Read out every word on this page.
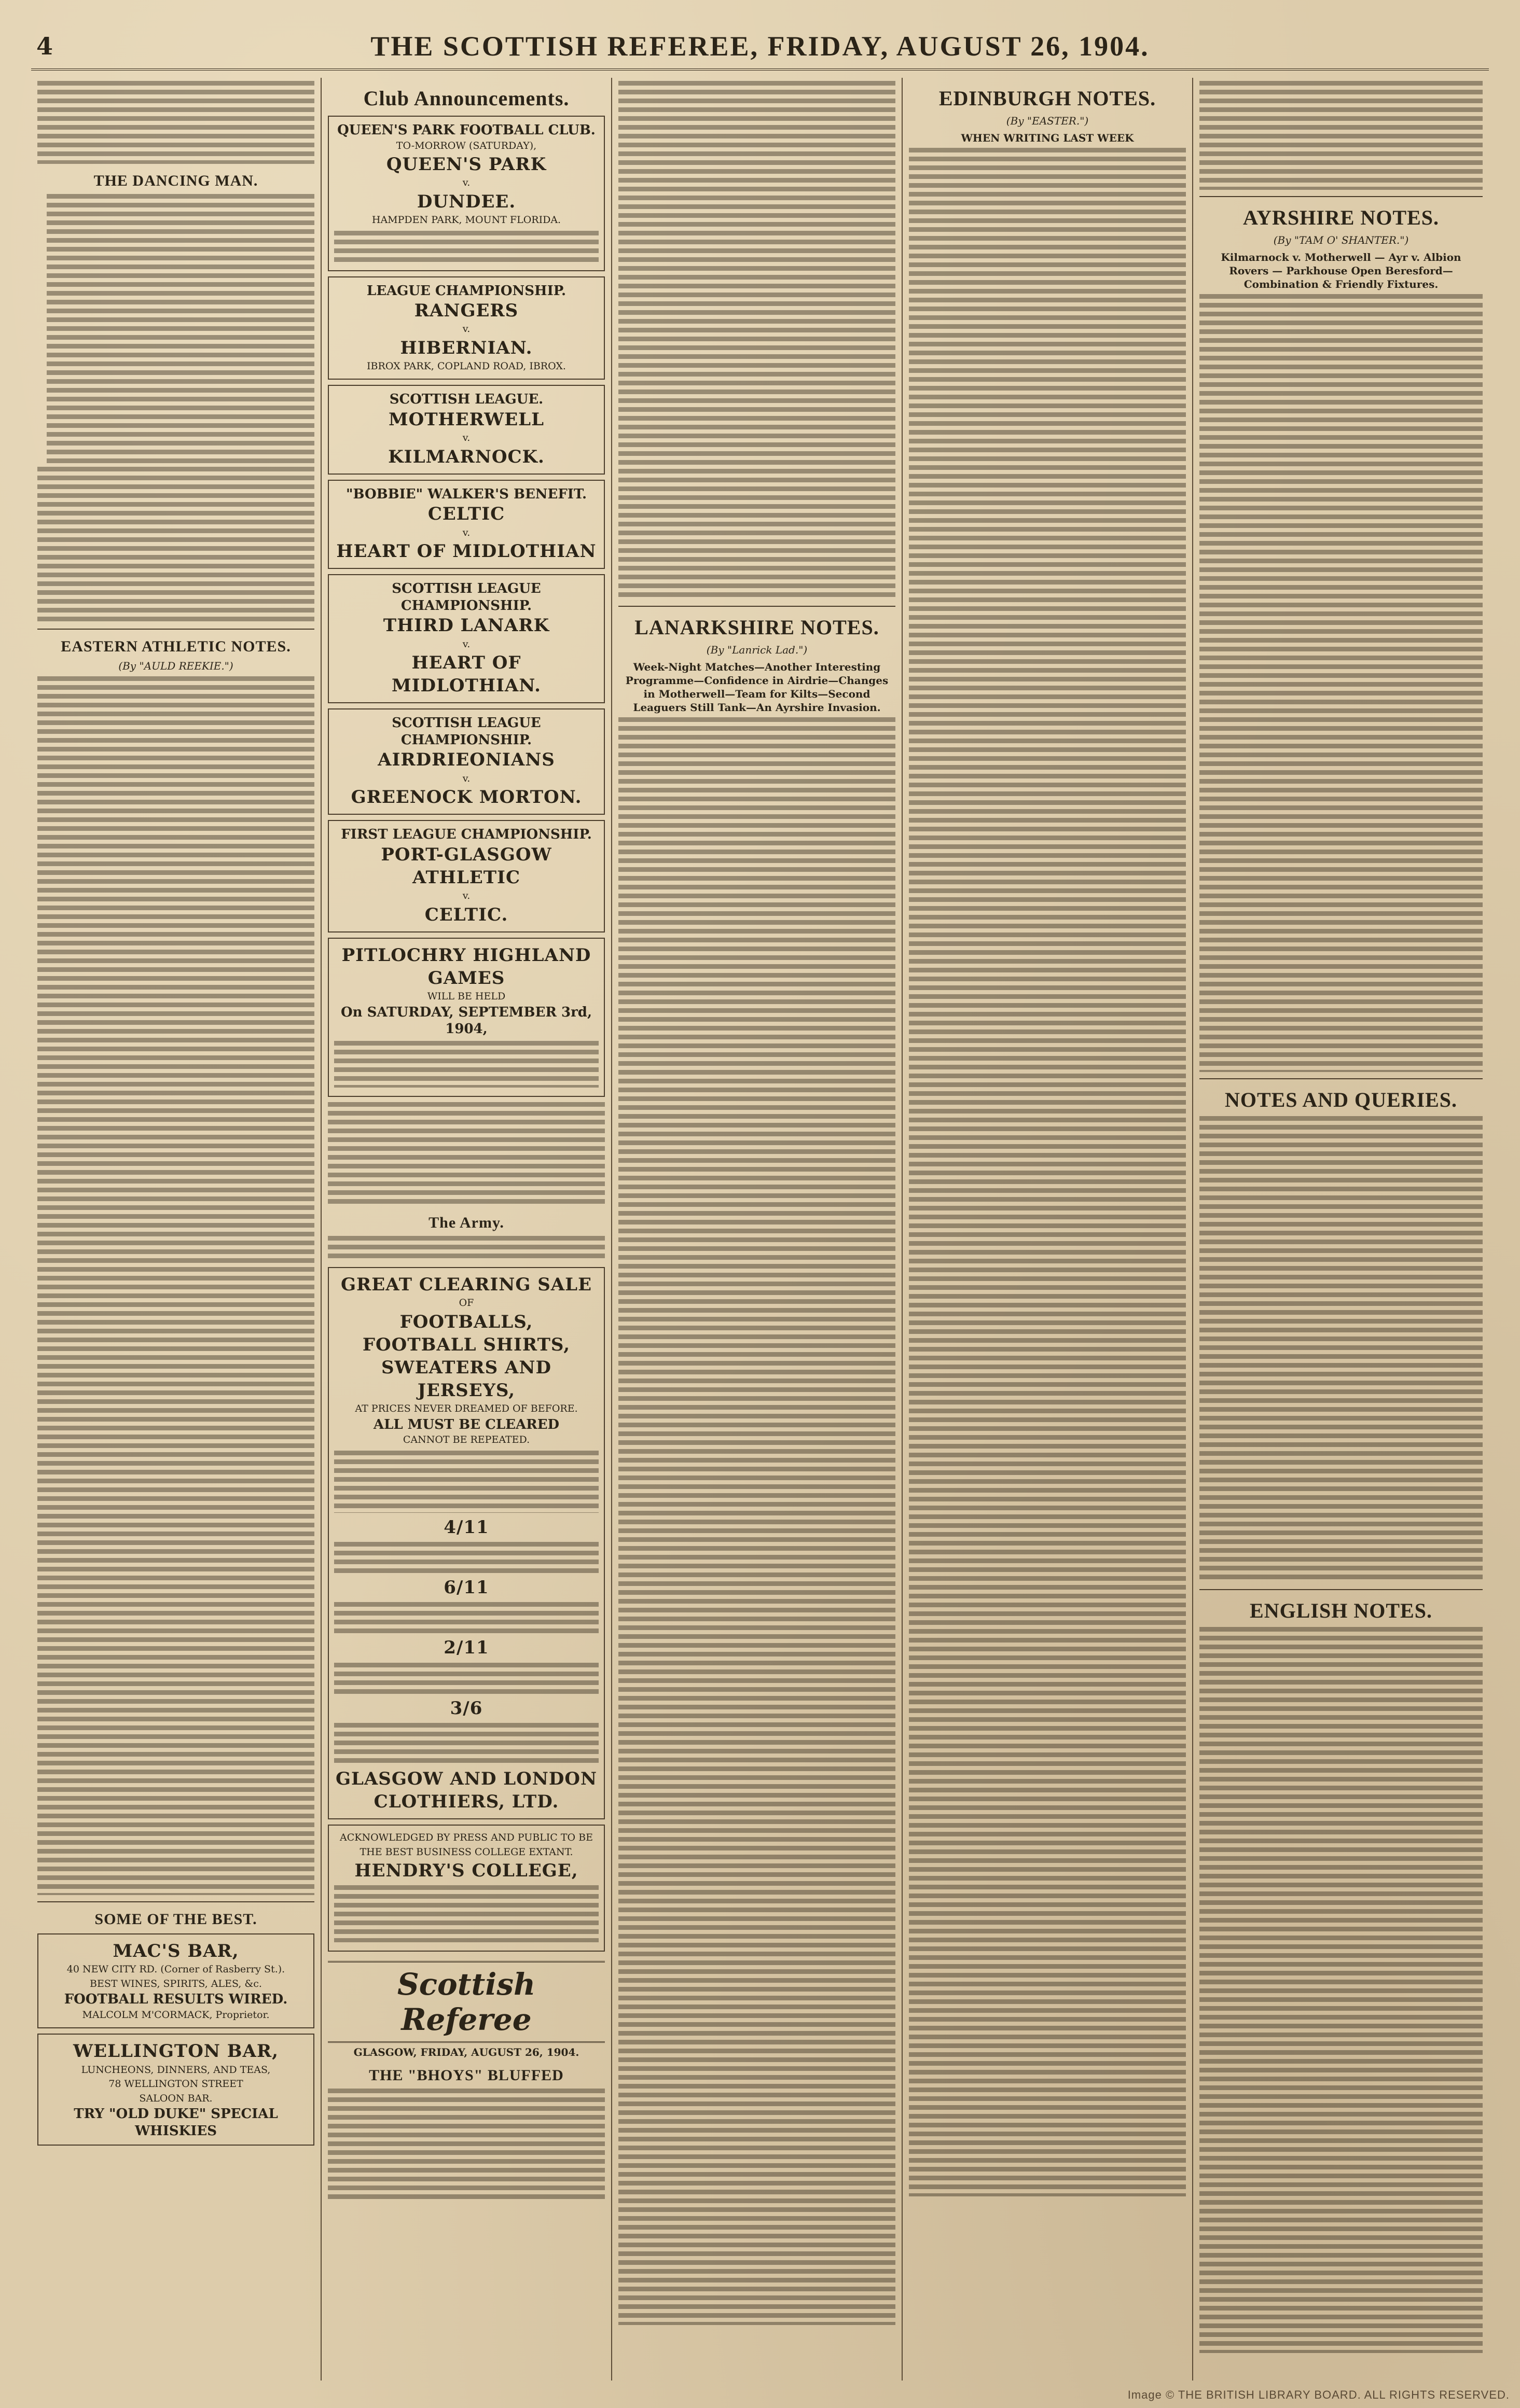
4	THE SCOTTISH REFEREE, FRIDAY, AUGUST 26, 1904.
THE DANCING MAN.
EASTERN ATHLETIC NOTES.
(By "AULD REEKIE.")
SOME OF THE BEST.
MAC'S BAR,
40 NEW CITY RD. (Corner of Rasberry St.).
BEST WINES, SPIRITS, ALES, &c.
FOOTBALL RESULTS WIRED.
MALCOLM M'CORMACK, Proprietor.
WELLINGTON BAR,
LUNCHEONS, DINNERS, AND TEAS,
78 WELLINGTON STREET
SALOON BAR.
TRY "OLD DUKE" SPECIAL WHISKIES
Club Announcements.
QUEEN'S PARK FOOTBALL CLUB.
TO-MORROW (SATURDAY),
QUEEN'S PARK
v.
DUNDEE.
HAMPDEN PARK, MOUNT FLORIDA.
LEAGUE CHAMPIONSHIP.
RANGERS
v.
HIBERNIAN.
IBROX PARK, COPLAND ROAD, IBROX.
SCOTTISH LEAGUE.
MOTHERWELL
v.
KILMARNOCK.
"BOBBIE" WALKER'S BENEFIT.
CELTIC
v.
HEART OF MIDLOTHIAN
SCOTTISH LEAGUE CHAMPIONSHIP.
THIRD LANARK
v.
HEART OF MIDLOTHIAN.
SCOTTISH LEAGUE CHAMPIONSHIP.
AIRDRIEONIANS
v.
GREENOCK MORTON.
FIRST LEAGUE CHAMPIONSHIP.
PORT-GLASGOW ATHLETIC
v.
CELTIC.
PITLOCHRY HIGHLAND GAMES
WILL BE HELD
On SATURDAY, SEPTEMBER 3rd, 1904,
The Army.
GREAT CLEARING SALE
OF
FOOTBALLS,
FOOTBALL SHIRTS,
SWEATERS AND JERSEYS,
AT PRICES NEVER DREAMED OF BEFORE.
ALL MUST BE CLEARED
CANNOT BE REPEATED.
4/11
6/11
2/11
3/6
GLASGOW AND LONDON
CLOTHIERS, LTD.
ACKNOWLEDGED BY PRESS AND PUBLIC TO BE THE BEST BUSINESS COLLEGE EXTANT.
HENDRY'S COLLEGE,
Scottish Referee
GLASGOW, FRIDAY, AUGUST 26, 1904.
THE "BHOYS" BLUFFED
LANARKSHIRE NOTES.
(By "Lanrick Lad.")
Week-Night Matches—Another Interesting Programme—Confidence in Airdrie—Changes in Motherwell—Team for Kilts—Second Leaguers Still Tank—An Ayrshire Invasion.
EDINBURGH NOTES.
(By "EASTER.")
WHEN WRITING LAST WEEK
AYRSHIRE NOTES.
(By "TAM O' SHANTER.")
Kilmarnock v. Motherwell — Ayr v. Albion Rovers — Parkhouse Open Beresford—Combination & Friendly Fixtures.
NOTES AND QUERIES.
ENGLISH NOTES.
Image © THE BRITISH LIBRARY BOARD. ALL RIGHTS RESERVED.
